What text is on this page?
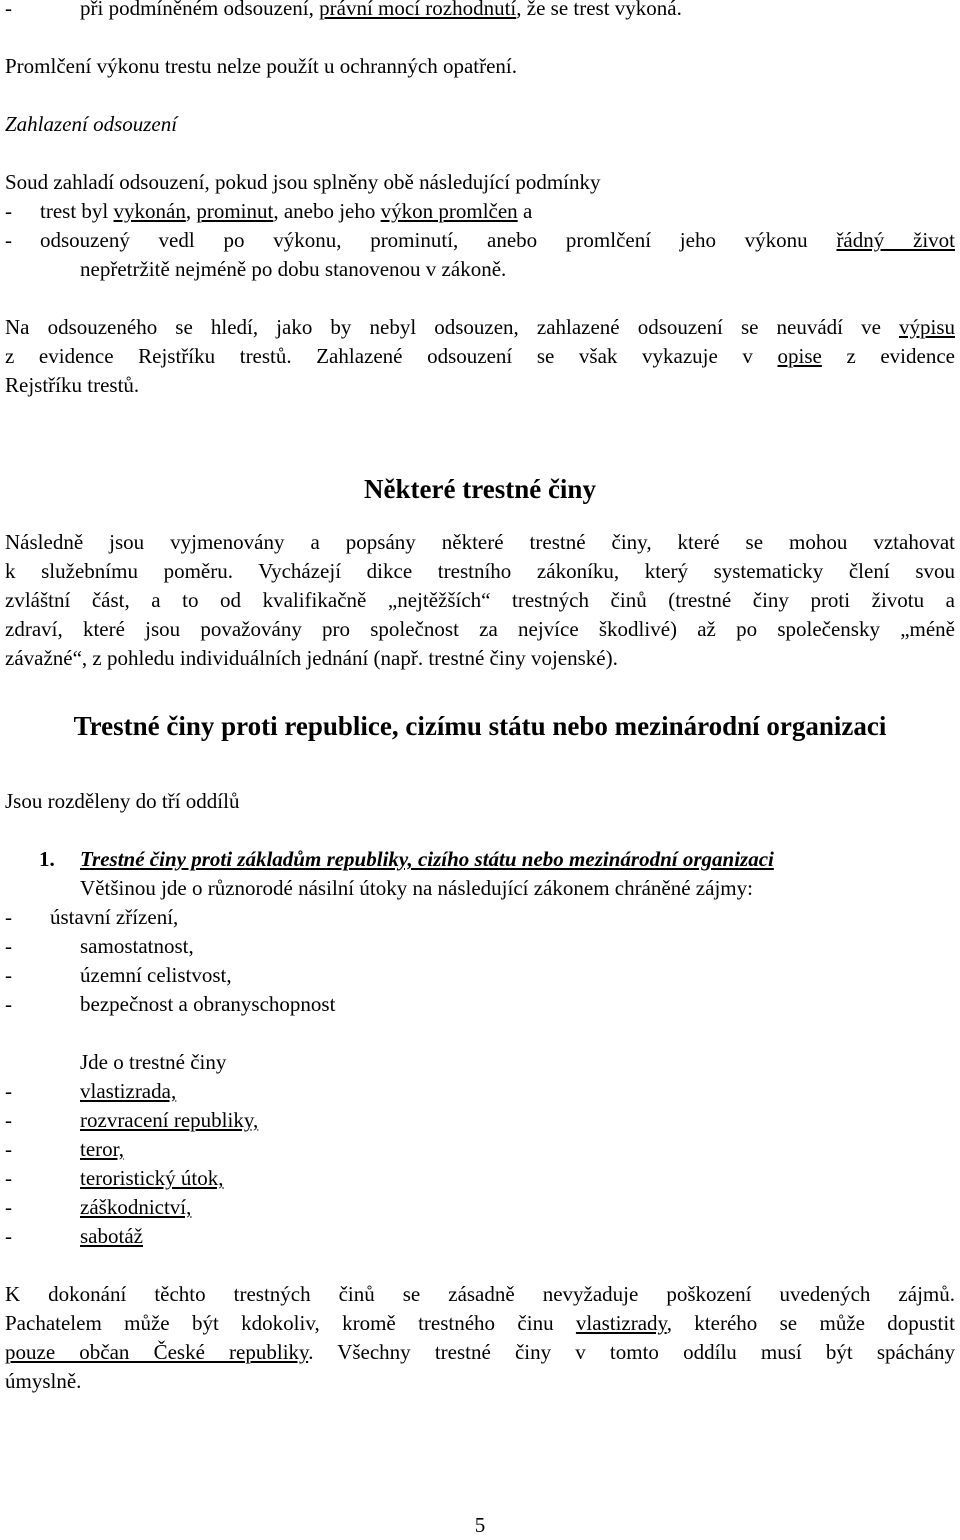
-	při podmíněném odsouzení, právní mocí rozhodnutí, že se trest vykoná.

Promlčení výkonu trestu nelze použít u ochranných opatření.

Zahlazení odsouzení

Soud zahladí odsouzení, pokud jsou splněny obě následující podmínky

- trest byl vykonán, prominut, anebo jeho výkon promlčen a
- odsouzený vedl po výkonu, prominutí, anebo promlčení jeho výkonu řádný život

nepřetržitě nejméně po dobu stanovenou v zákoně.

Na odsouzeného se hledí, jako by nebyl odsouzen, zahlazené odsouzení se neuvádí ve výpisu
z evidence Rejstříku trestů. Zahlazené odsouzení se však vykazuje v opise z evidence
Rejstříku trestů.

Některé trestné činy

Následně jsou vyjmenovány a popsány některé trestné činy, které se mohou vztahovat
k služebnímu poměru. Vycházejí dikce trestního zákoníku, který systematicky člení svou
zvláštní část, a to od kvalifikačně „nejtěžších“ trestných činů (trestné činy proti životu a
zdraví, které jsou považovány pro společnost za nejvíce škodlivé) až po společensky „méně
závažné“, z pohledu individuálních jednání (např. trestné činy vojenské).

Trestné činy proti republice, cizímu státu nebo mezinárodní organizaci

Jsou rozděleny do tří oddílů

1. Trestné činy proti základům republiky, cizího státu nebo mezinárodní organizaci

Většinou jde o různorodé násilní útoky na následující zákonem chráněné zájmy:

- ústavní zřízení,
-	samostatnost,
-	územní celistvost,
-	bezpečnost a obranyschopnost

Jde o trestné činy

-	vlastizrada,
-	rozvracení republiky,
-	teror,
-	teroristický útok,
-	záškodnictví,
-	sabotáž
K dokonání těchto trestných činů se zásadně nevyžaduje poškození uvedených zájmů.
Pachatelem může být kdokoliv, kromě trestného činu vlastizrady, kterého se může dopustit
pouze občan České republiky. Všechny trestné činy v tomto oddílu musí být spáchány
úmyslně.
5
